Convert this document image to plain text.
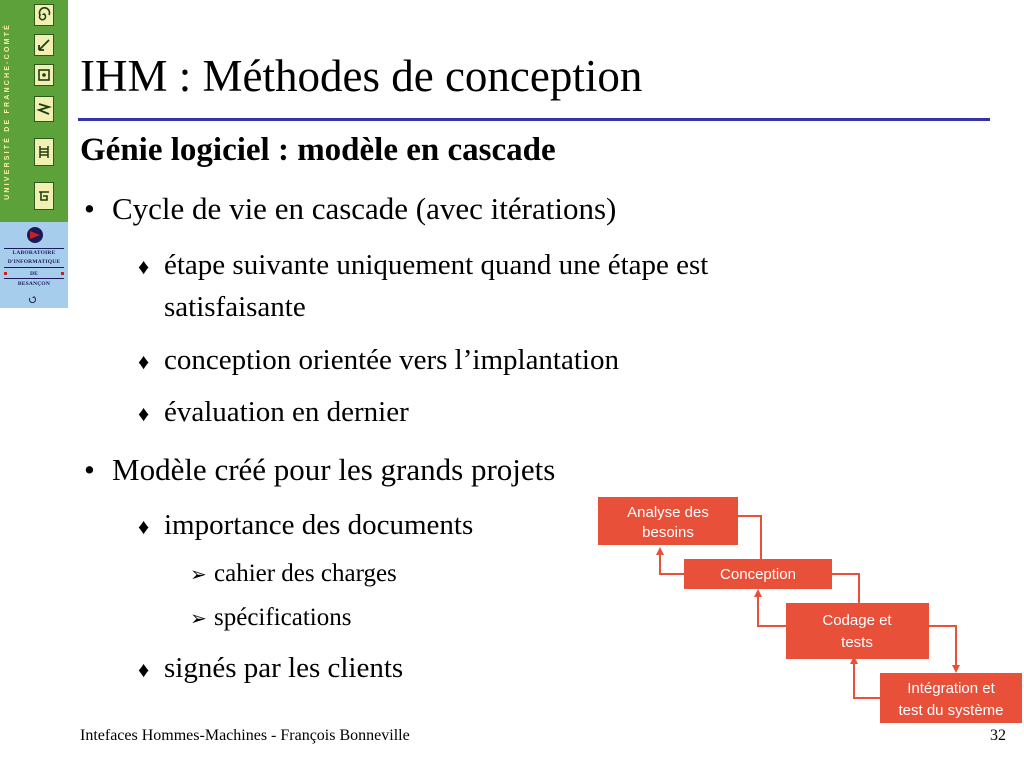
UNIVERSITÉ DE FRANCHE-COMTÉ
LABORATOIRE
D'INFORMATIQUE
DE
BESANÇON
IHM : Méthodes de conception
Génie logiciel : modèle en cascade
• Cycle de vie en cascade (avec itérations)
♦ étape suivante uniquement quand une étape est
satisfaisante
♦ conception orientée vers l’implantation
♦ évaluation en dernier
• Modèle créé pour les grands projets
♦ importance des documents
➢ cahier des charges
➢ spécifications
♦ signés par les clients
Analyse des
besoins
Conception
Codage et
tests
Intégration et
test du système
Intefaces Hommes-Machines - François Bonneville	32
